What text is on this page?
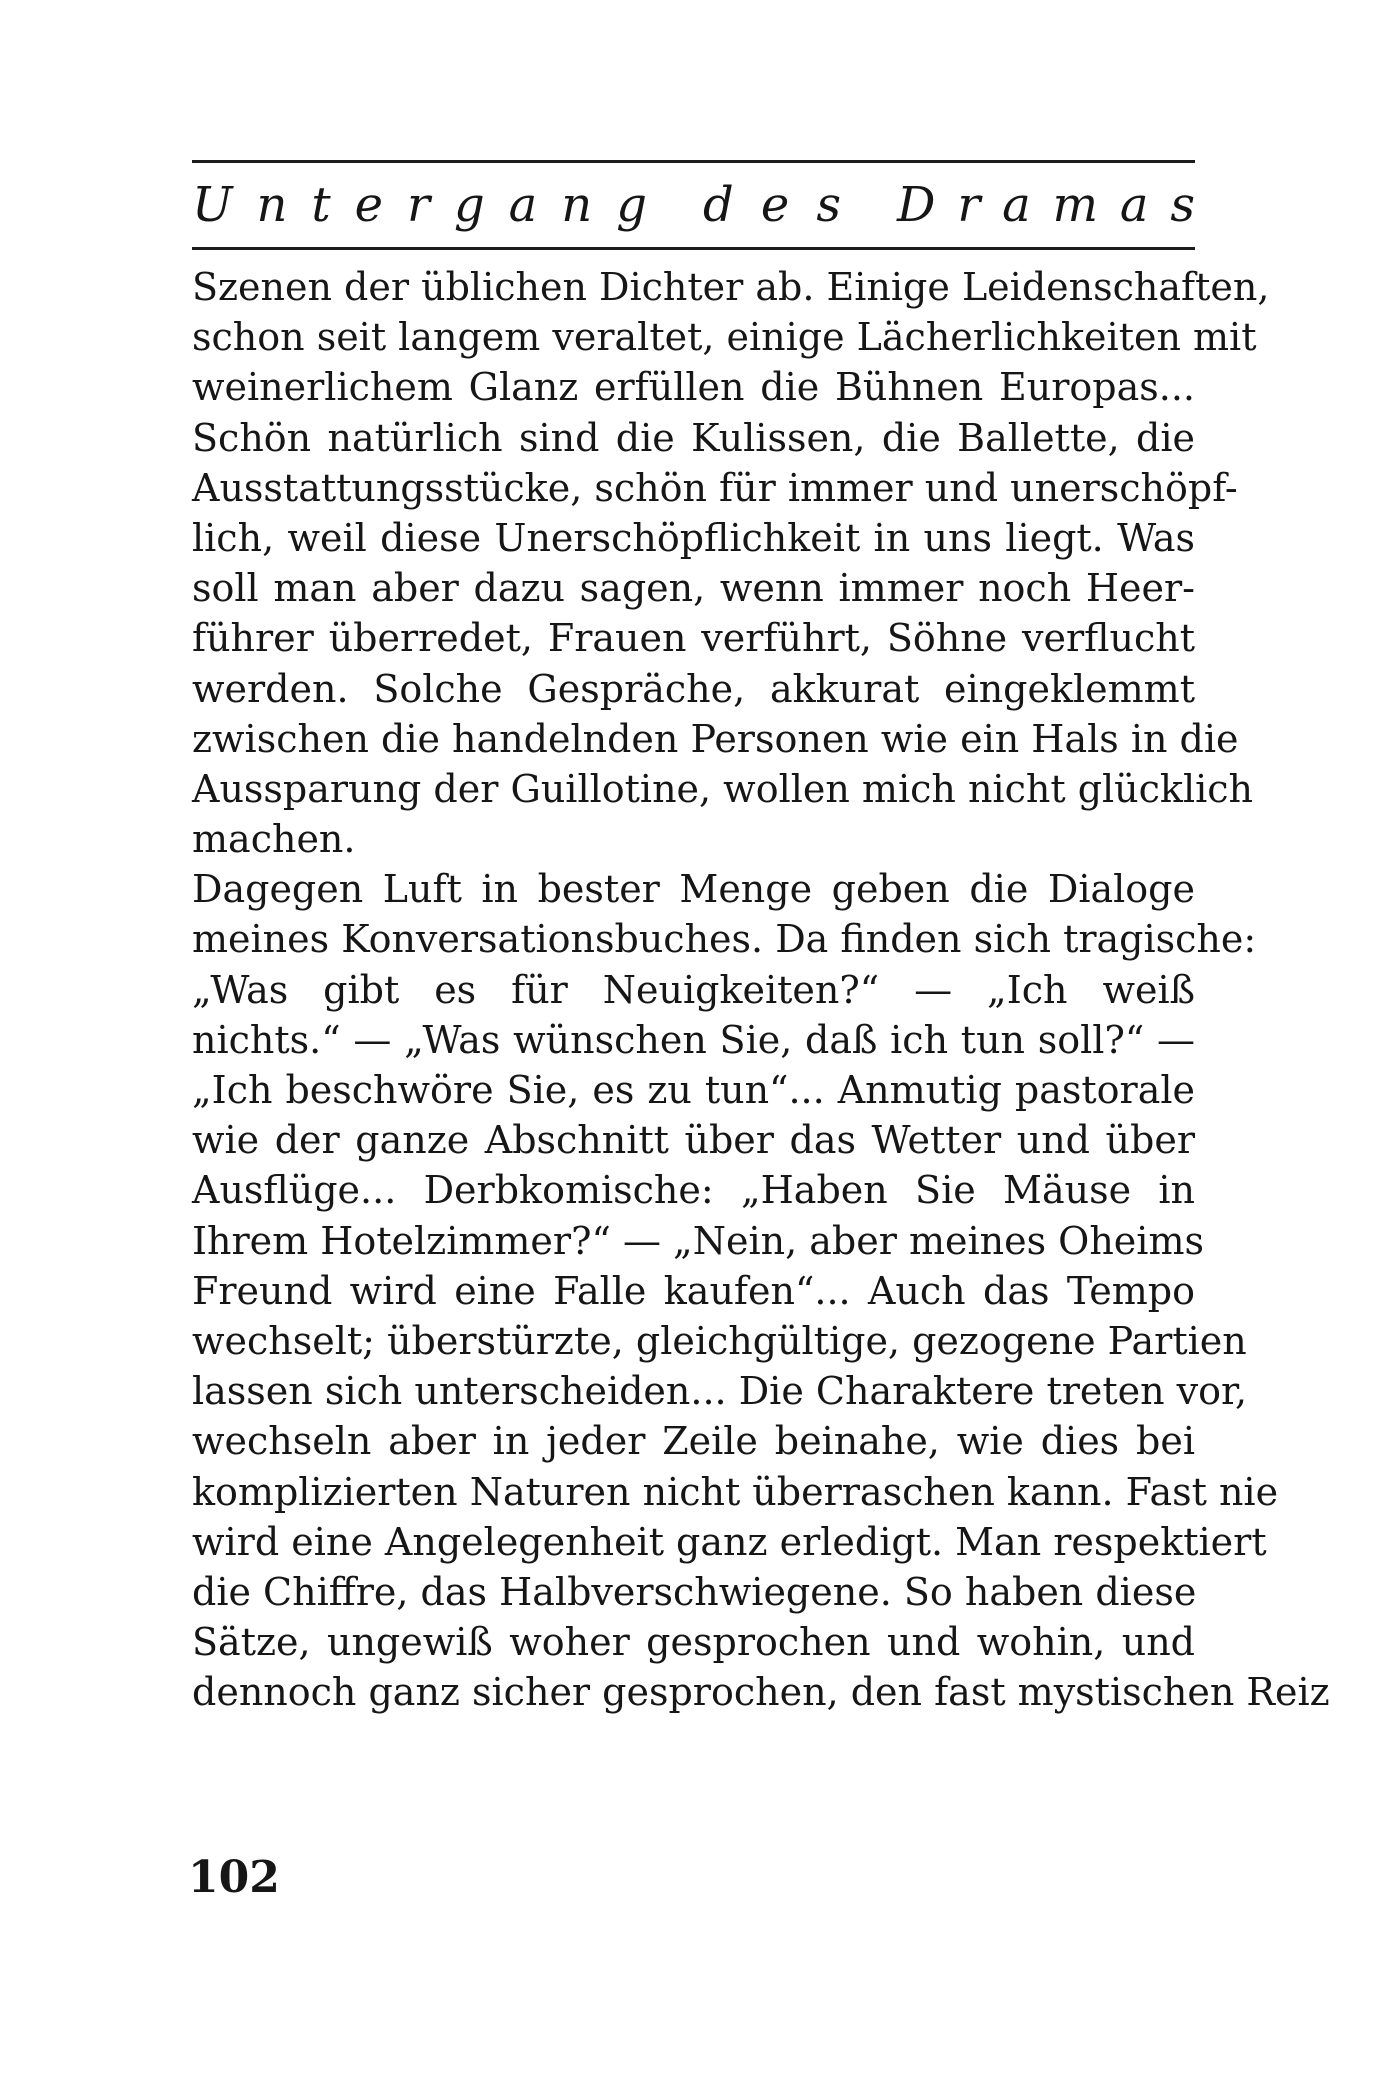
U n t e r g a n g d e s D r a m a s
Szenen der üblichen Dichter ab. Einige Leidenschaften,
schon seit langem veraltet, einige Lächerlichkeiten mit
weinerlichem Glanz erfüllen die Bühnen Europas...
Schön natürlich sind die Kulissen, die Ballette, die
Ausstattungsstücke, schön für immer und unerschöpf-
lich, weil diese Unerschöpflichkeit in uns liegt. Was
soll man aber dazu sagen, wenn immer noch Heer-
führer überredet, Frauen verführt, Söhne verflucht
werden. Solche Gespräche, akkurat eingeklemmt
zwischen die handelnden Personen wie ein Hals in die
Aussparung der Guillotine, wollen mich nicht glücklich
machen.
Dagegen Luft in bester Menge geben die Dialoge
meines Konversationsbuches. Da finden sich tragische:
„Was gibt es für Neuigkeiten?“ — „Ich weiß
nichts.“ — „Was wünschen Sie, daß ich tun soll?“ —
„Ich beschwöre Sie, es zu tun“... Anmutig pastorale
wie der ganze Abschnitt über das Wetter und über
Ausflüge... Derbkomische: „Haben Sie Mäuse in
Ihrem Hotelzimmer?“ — „Nein, aber meines Oheims
Freund wird eine Falle kaufen“... Auch das Tempo
wechselt; überstürzte, gleichgültige, gezogene Partien
lassen sich unterscheiden... Die Charaktere treten vor,
wechseln aber in jeder Zeile beinahe, wie dies bei
komplizierten Naturen nicht überraschen kann. Fast nie
wird eine Angelegenheit ganz erledigt. Man respektiert
die Chiffre, das Halbverschwiegene. So haben diese
Sätze, ungewiß woher gesprochen und wohin, und
dennoch ganz sicher gesprochen, den fast mystischen Reiz
102
